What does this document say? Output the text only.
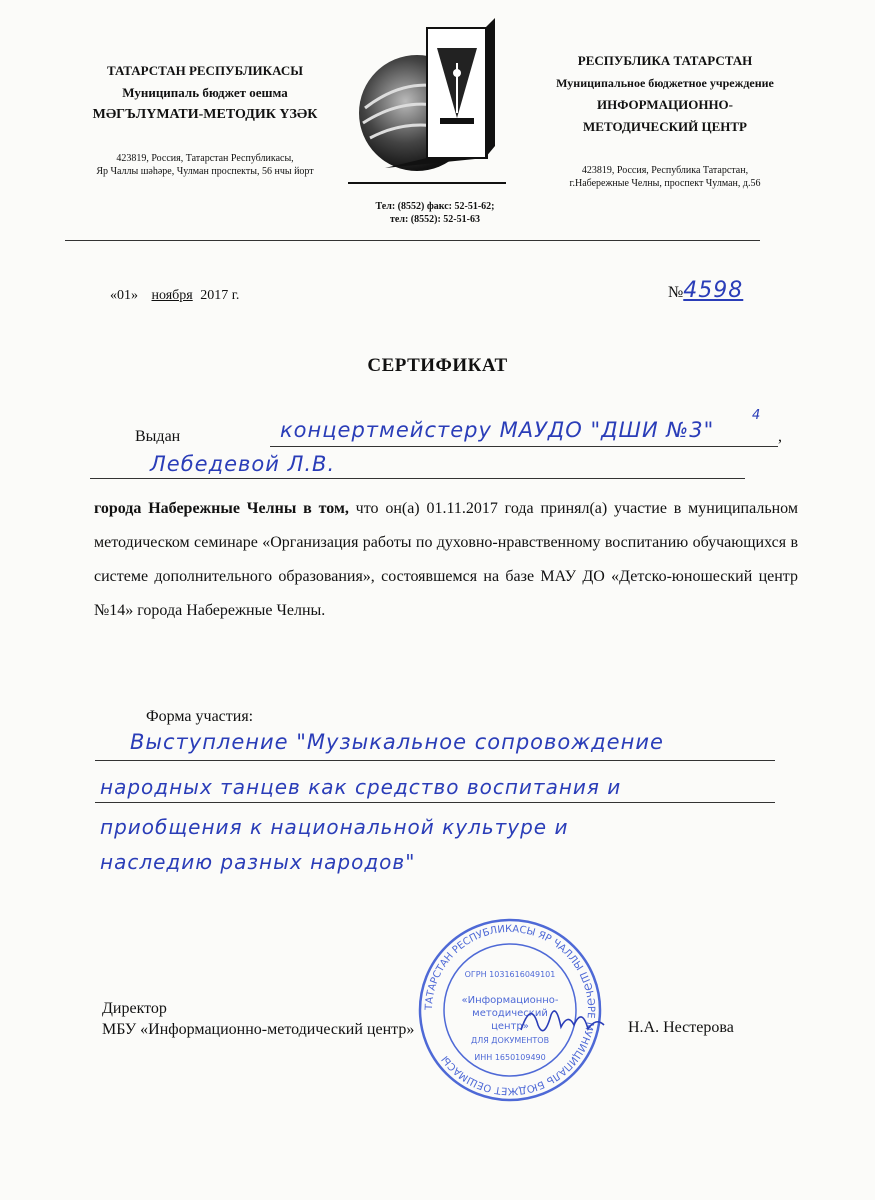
ТАТАРСТАН РЕСПУБЛИКАСЫ
Муниципаль бюджет оешма
МӘГЪЛҮМАТИ-МЕТОДИК ҮЗӘК
423819, Россия, Татарстан Республикасы,
Яр Чаллы шәһәре, Чулман проспекты, 56 нчы йорт
Тел: (8552) факс: 52-51-62;
тел: (8552): 52-51-63
РЕСПУБЛИКА ТАТАРСТАН
Муниципальное бюджетное учреждение
ИНФОРМАЦИОННО-
МЕТОДИЧЕСКИЙ ЦЕНТР
423819, Россия, Республика Татарстан,
г.Набережные Челны, проспект Чулман, д.56
«01» ноября 2017 г.	№4598
СЕРТИФИКАТ
Выдан	концертмейстеру МАУДО "ДШИ №3"
4
,
Лебедевой Л.В.
города Набережные Челны в том, что он(а) 01.11.2017 года принял(а) участие в муниципальном методическом семинаре «Организация работы по духовно-нравственному воспитанию обучающихся в системе дополнительного образования», состоявшемся на базе МАУ ДО «Детско-юношеский центр №14» города Набережные Челны.
Форма участия:
Выступление "Музыкальное сопровождение
народных танцев как средство воспитания и
приобщения к национальной культуре и
наследию разных народов"
ТАТАРСТАН РЕСПУБЛИКАСЫ ЯР ЧАЛЛЫ ШӘҺӘРЕ МУНИЦИПАЛЬ БЮДЖЕТ ОЕШМАСЫ
ОГРН 1031616049101
«Информационно-
методический
центр»
ДЛЯ ДОКУМЕНТОВ
ИНН 1650109490
Директор
МБУ «Информационно-методический центр»	Н.А. Нестерова
